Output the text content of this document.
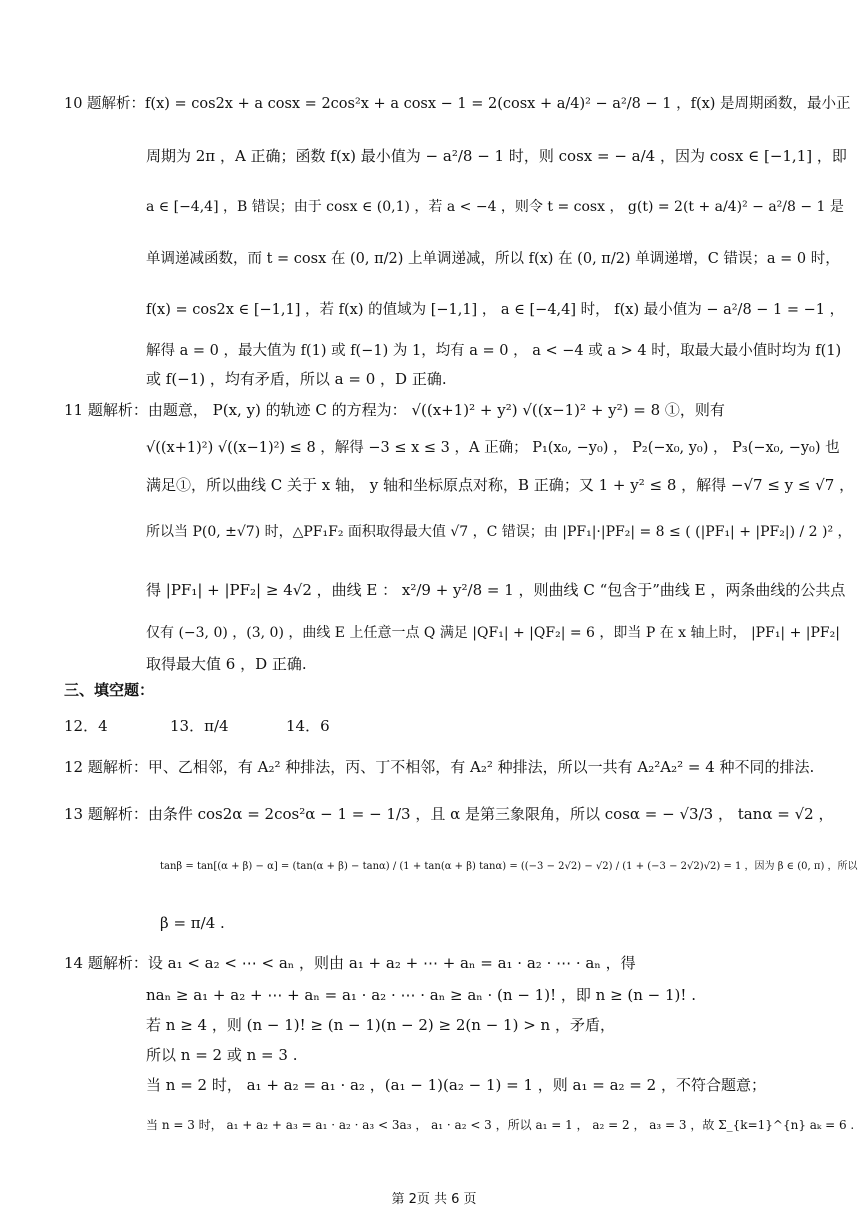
10 题解析：f(x) = cos2x + a cosx = 2cos²x + a cosx − 1 = 2(cosx + a/4)² − a²/8 − 1 ，f(x) 是周期函数，最小正
周期为 2π ，A 正确；函数 f(x) 最小值为 − a²/8 − 1 时，则 cosx = − a/4 ，因为 cosx ∈ [−1,1] ，即
a ∈ [−4,4] ，B 错误；由于 cosx ∈ (0,1) ，若 a < −4 ，则令 t = cosx ， g(t) = 2(t + a/4)² − a²/8 − 1 是
单调递减函数，而 t = cosx 在 (0, π/2) 上单调递减，所以 f(x) 在 (0, π/2) 单调递增，C 错误；a = 0 时，
f(x) = cos2x ∈ [−1,1] ，若 f(x) 的值域为 [−1,1] ， a ∈ [−4,4] 时， f(x) 最小值为 − a²/8 − 1 = −1 ，
解得 a = 0 ，最大值为 f(1) 或 f(−1) 为 1，均有 a = 0 ， a < −4 或 a > 4 时，取最大最小值时均为 f(1)
或 f(−1) ，均有矛盾，所以 a = 0 ，D 正确.
11 题解析：由题意， P(x, y) 的轨迹 C 的方程为： √((x+1)² + y²) √((x−1)² + y²) = 8 ①，则有
√((x+1)²) √((x−1)²) ≤ 8 ，解得 −3 ≤ x ≤ 3 ，A 正确； P₁(x₀, −y₀) ， P₂(−x₀, y₀) ， P₃(−x₀, −y₀) 也
满足①，所以曲线 C 关于 x 轴， y 轴和坐标原点对称，B 正确；又 1 + y² ≤ 8 ，解得 −√7 ≤ y ≤ √7 ，
所以当 P(0, ±√7) 时，△PF₁F₂ 面积取得最大值 √7 ，C 错误；由 |PF₁|·|PF₂| = 8 ≤ ( (|PF₁| + |PF₂|) / 2 )² ，
得 |PF₁| + |PF₂| ≥ 4√2 ，曲线 E ： x²/9 + y²/8 = 1 ，则曲线 C “包含于”曲线 E ，两条曲线的公共点
仅有 (−3, 0) ，(3, 0) ，曲线 E 上任意一点 Q 满足 |QF₁| + |QF₂| = 6 ，即当 P 在 x 轴上时， |PF₁| + |PF₂|
取得最大值 6 ，D 正确.
三、填空题：
12．4	13．π/4	14．6
12 题解析：甲、乙相邻，有 A₂² 种排法，丙、丁不相邻，有 A₂² 种排法，所以一共有 A₂²A₂² = 4 种不同的排法.
13 题解析：由条件 cos2α = 2cos²α − 1 = − 1/3 ，且 α 是第三象限角，所以 cosα = − √3/3 ， tanα = √2 ，
tanβ = tan[(α + β) − α] = (tan(α + β) − tanα) / (1 + tan(α + β) tanα) = ((−3 − 2√2) − √2) / (1 + (−3 − 2√2)√2) = 1 ，因为 β ∈ (0, π) ，所以
β = π/4 .
14 题解析：设 a₁ < a₂ < ⋯ < aₙ ，则由 a₁ + a₂ + ⋯ + aₙ = a₁ · a₂ · ⋯ · aₙ ，得
naₙ ≥ a₁ + a₂ + ⋯ + aₙ = a₁ · a₂ · ⋯ · aₙ ≥ aₙ · (n − 1)! ，即 n ≥ (n − 1)! .
若 n ≥ 4 ，则 (n − 1)! ≥ (n − 1)(n − 2) ≥ 2(n − 1) > n ，矛盾，
所以 n = 2 或 n = 3 .
当 n = 2 时， a₁ + a₂ = a₁ · a₂ ，(a₁ − 1)(a₂ − 1) = 1 ，则 a₁ = a₂ = 2 ，不符合题意；
当 n = 3 时， a₁ + a₂ + a₃ = a₁ · a₂ · a₃ < 3a₃ ， a₁ · a₂ < 3 ，所以 a₁ = 1 ， a₂ = 2 ， a₃ = 3 ，故 Σ_{k=1}^{n} aₖ = 6 .
第 2页 共 6 页
